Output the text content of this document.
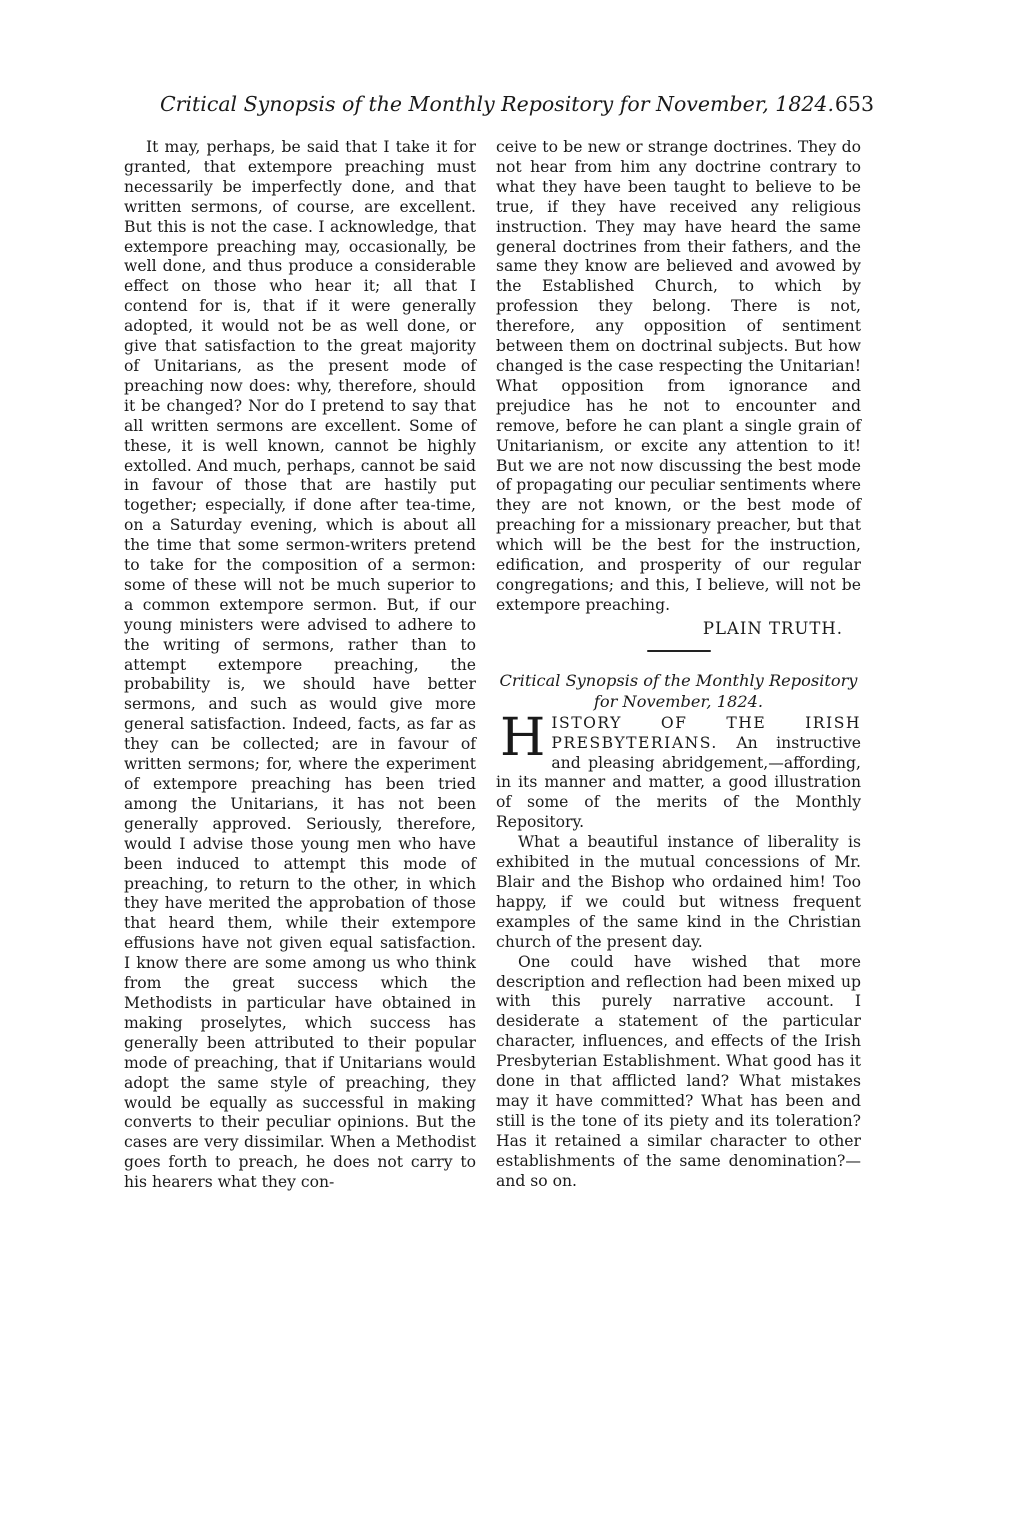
Critical Synopsis of the Monthly Repository for November, 1824. 653

It may, perhaps, be said that I take it for granted, that extempore preaching must necessarily be imperfectly done, and that written sermons, of course, are excellent. But this is not the case. I acknowledge, that extempore preaching may, occasionally, be well done, and thus produce a considerable effect on those who hear it; all that I contend for is, that if it were generally adopted, it would not be as well done, or give that satisfaction to the great majority of Unitarians, as the present mode of preaching now does: why, therefore, should it be changed? Nor do I pretend to say that all written sermons are excellent. Some of these, it is well known, cannot be highly extolled. And much, perhaps, cannot be said in favour of those that are hastily put together; especially, if done after tea-time, on a Saturday evening, which is about all the time that some sermon-writers pretend to take for the composition of a sermon: some of these will not be much superior to a common extempore sermon. But, if our young ministers were advised to adhere to the writing of sermons, rather than to attempt extempore preaching, the probability is, we should have better sermons, and such as would give more general satisfaction. Indeed, facts, as far as they can be collected; are in favour of written sermons; for, where the experiment of extempore preaching has been tried among the Unitarians, it has not been generally approved. Seriously, therefore, would I advise those young men who have been induced to attempt this mode of preaching, to return to the other, in which they have merited the approbation of those that heard them, while their extempore effusions have not given equal satisfaction. I know there are some among us who think from the great success which the Methodists in particular have obtained in making proselytes, which success has generally been attributed to their popular mode of preaching, that if Unitarians would adopt the same style of preaching, they would be equally as successful in making converts to their peculiar opinions. But the cases are very dissimilar. When a Methodist goes forth to preach, he does not carry to his hearers what they con-

ceive to be new or strange doctrines. They do not hear from him any doctrine contrary to what they have been taught to believe to be true, if they have received any religious instruction. They may have heard the same general doctrines from their fathers, and the same they know are believed and avowed by the Established Church, to which by profession they belong. There is not, therefore, any opposition of sentiment between them on doctrinal subjects. But how changed is the case respecting the Unitarian! What opposition from ignorance and prejudice has he not to encounter and remove, before he can plant a single grain of Unitarianism, or excite any attention to it! But we are not now discussing the best mode of propagating our peculiar sentiments where they are not known, or the best mode of preaching for a missionary preacher, but that which will be the best for the instruction, edification, and prosperity of our regular congregations; and this, I believe, will not be extempore preaching.

PLAIN TRUTH.
Critical Synopsis of the Monthly Repository for November, 1824.

HISTORY OF THE IRISH PRESBYTERIANS. An instructive and pleasing abridgement,—affording, in its manner and matter, a good illustration of some of the merits of the Monthly Repository.

What a beautiful instance of liberality is exhibited in the mutual concessions of Mr. Blair and the Bishop who ordained him! Too happy, if we could but witness frequent examples of the same kind in the Christian church of the present day.

One could have wished that more description and reflection had been mixed up with this purely narrative account. I desiderate a statement of the particular character, influences, and effects of the Irish Presbyterian Establishment. What good has it done in that afflicted land? What mistakes may it have committed? What has been and still is the tone of its piety and its toleration? Has it retained a similar character to other establishments of the same denomination?—and so on.
